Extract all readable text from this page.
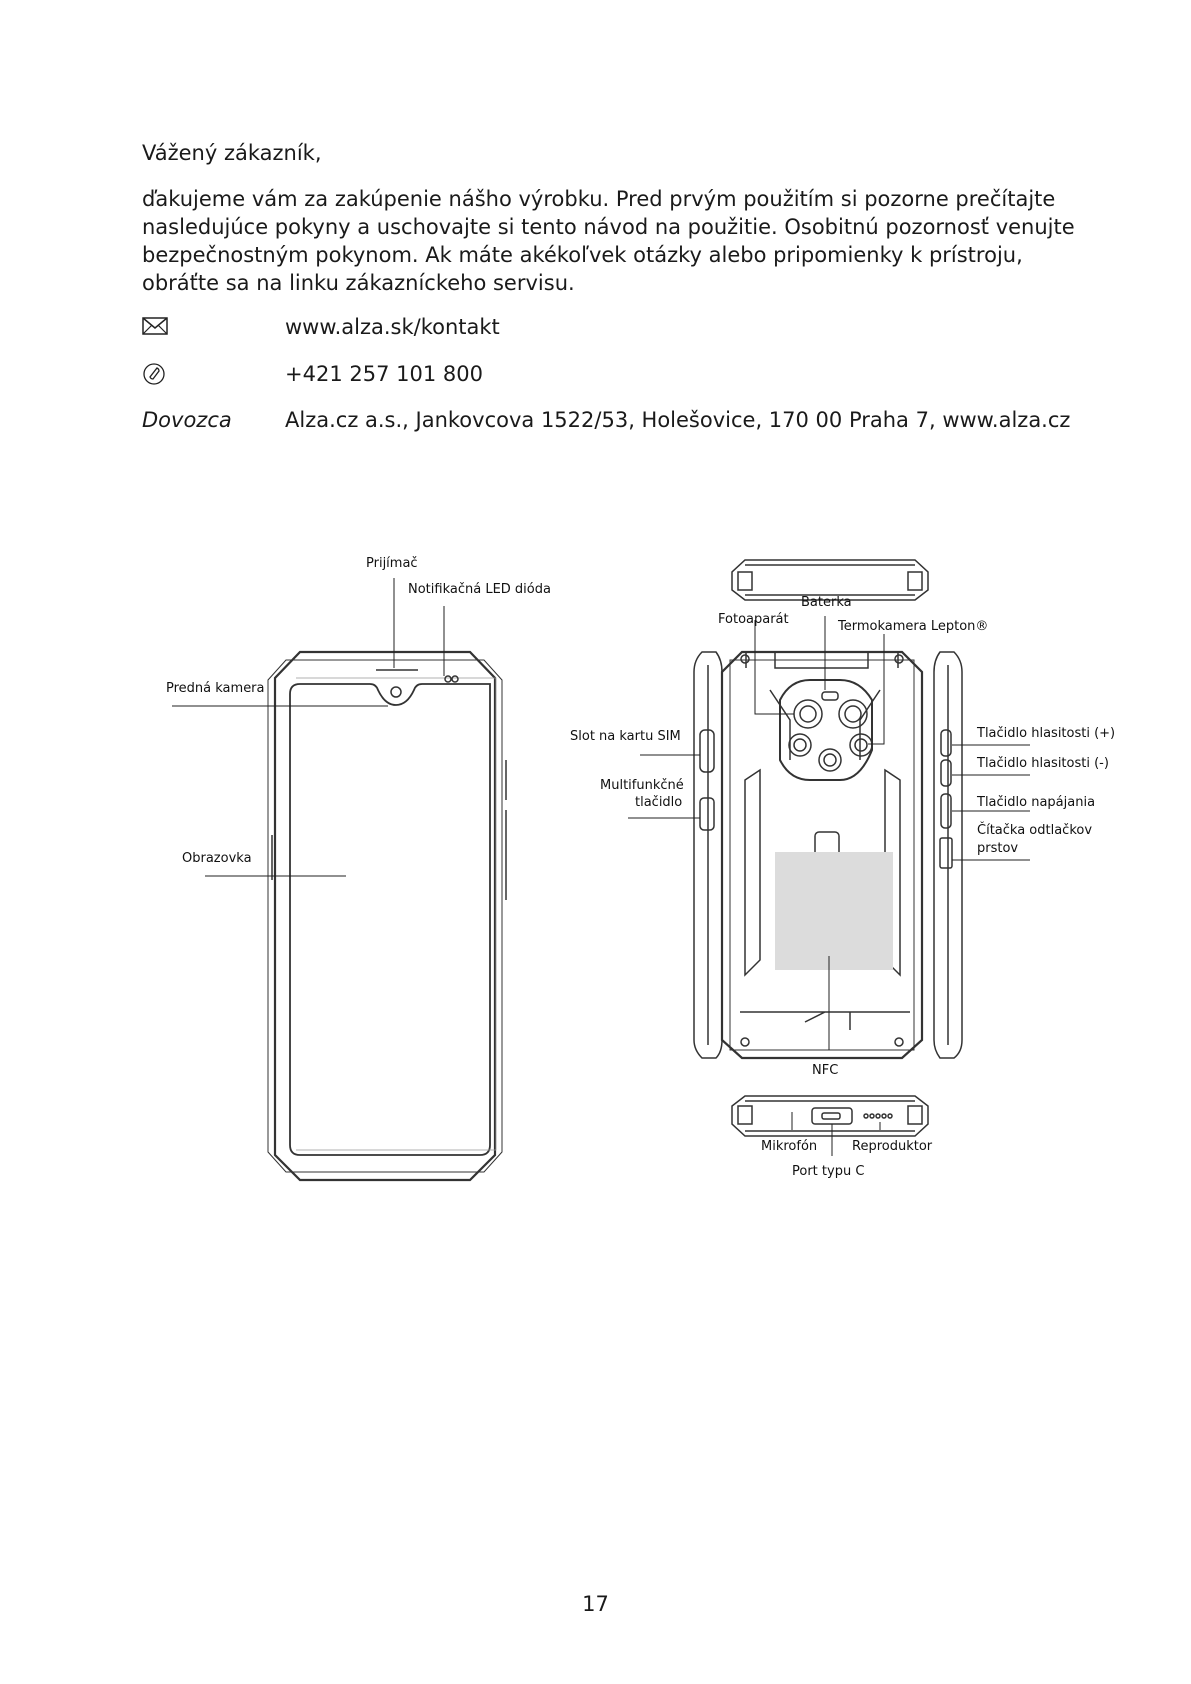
Vážený zákazník,
ďakujeme vám za zakúpenie nášho výrobku. Pred prvým použitím si pozorne prečítajte
nasledujúce pokyny a uschovajte si tento návod na použitie. Osobitnú pozornosť venujte
bezpečnostným pokynom. Ak máte akékoľvek otázky alebo pripomienky k prístroju,
obráťte sa na linku zákazníckeho servisu.
www.alza.sk/kontakt
+421 257 101 800
Dovozca	Alza.cz a.s., Jankovcova 1522/53, Holešovice, 170 00 Praha 7, www.alza.cz
Prijímač
Notifikačná LED dióda
Predná kamera
Obrazovka
Baterka
Fotoaparát	Termokamera Lepton®
Slot na kartu SIM
Multifunkčné
tlačidlo
Tlačidlo hlasitosti (+)
Tlačidlo hlasitosti (-)
Tlačidlo napájania
Čítačka odtlačkov
prstov
NFC
Mikrofón	Reproduktor
Port typu C
17
